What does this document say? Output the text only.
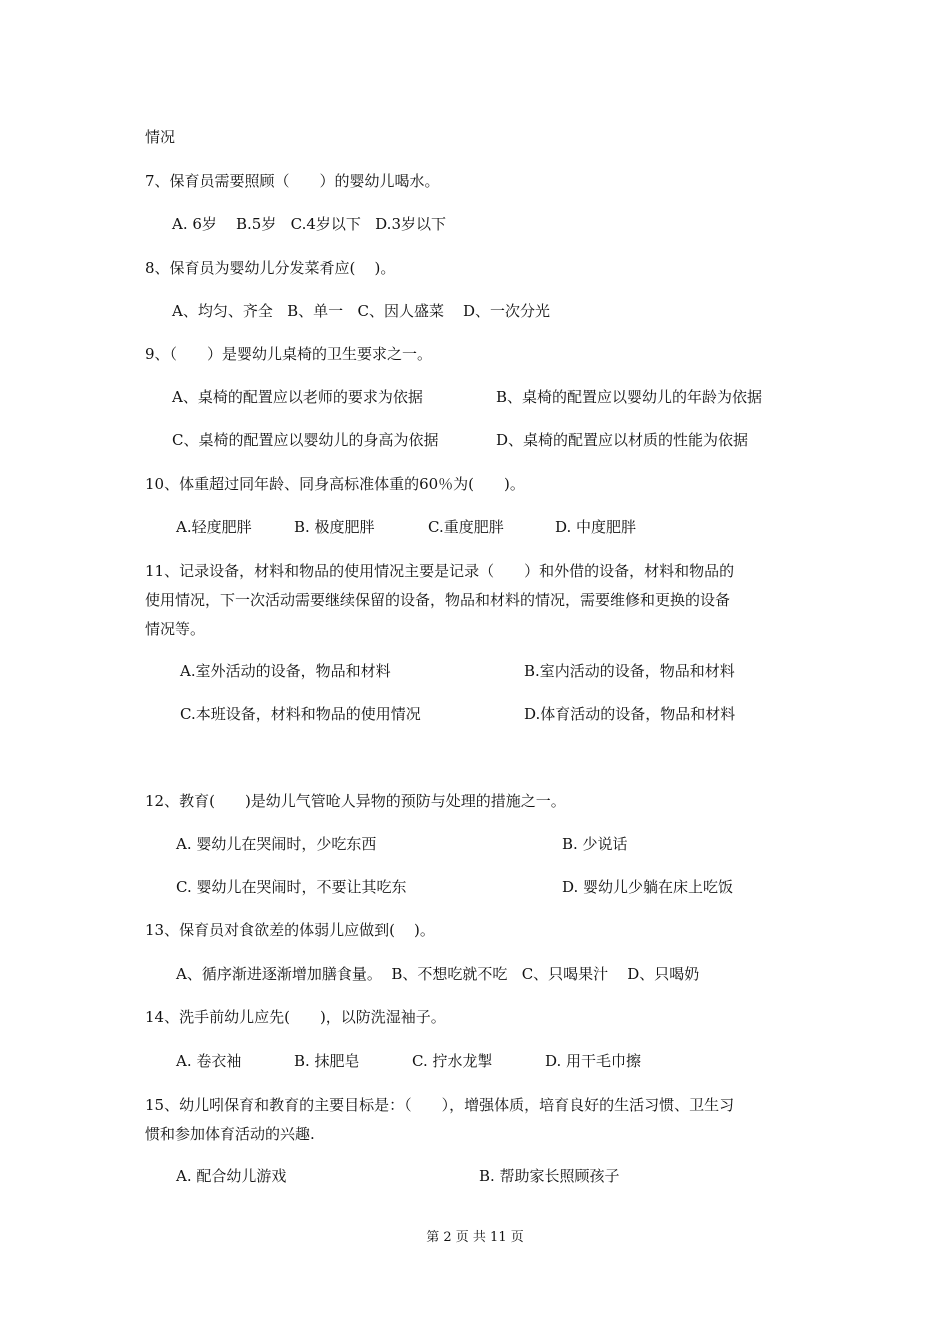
情况
7、保育员需要照顾（　　）的婴幼儿喝水。
A. 6岁    B.5岁   C.4岁以下   D.3岁以下
8、保育员为婴幼儿分发菜肴应(    )。
A、均匀、齐全   B、单一   C、因人盛菜    D、一次分光
9、（　　）是婴幼儿桌椅的卫生要求之一。
A、桌椅的配置应以老师的要求为依据	B、桌椅的配置应以婴幼儿的年龄为依据
C、桌椅的配置应以婴幼儿的身高为依据	D、桌椅的配置应以材质的性能为依据
10、体重超过同年龄、同身高标准体重的60％为(　　)。
A.轻度肥胖	B. 极度肥胖	C.重度肥胖	D. 中度肥胖
11、记录设备，材料和物品的使用情况主要是记录（　　）和外借的设备，材料和物品的
使用情况，下一次活动需要继续保留的设备，物品和材料的情况，需要维修和更换的设备
情况等。
A.室外活动的设备，物品和材料	B.室内活动的设备，物品和材料
C.本班设备，材料和物品的使用情况	D.体育活动的设备，物品和材料
12、教育(　　)是幼儿气管呛人异物的预防与处理的措施之一。
A. 婴幼儿在哭闹时，少吃东西	B. 少说话
C. 婴幼儿在哭闹时，不要让其吃东	D. 婴幼儿少躺在床上吃饭
13、保育员对食欲差的体弱儿应做到(    )。
A、循序渐进逐渐增加膳食量。  B、不想吃就不吃   C、只喝果汁    D、只喝奶
14、洗手前幼儿应先(　　)，以防洗湿袖子。
A. 卷衣袖	B. 抹肥皂	C. 拧水龙掣	D. 用干毛巾擦
15、幼儿吲保育和教育的主要目标是：（　　），增强体质，培育良好的生活习惯、卫生习
惯和参加体育活动的兴趣.
A. 配合幼儿游戏	B. 帮助家长照顾孩子
第 2 页 共 11 页
